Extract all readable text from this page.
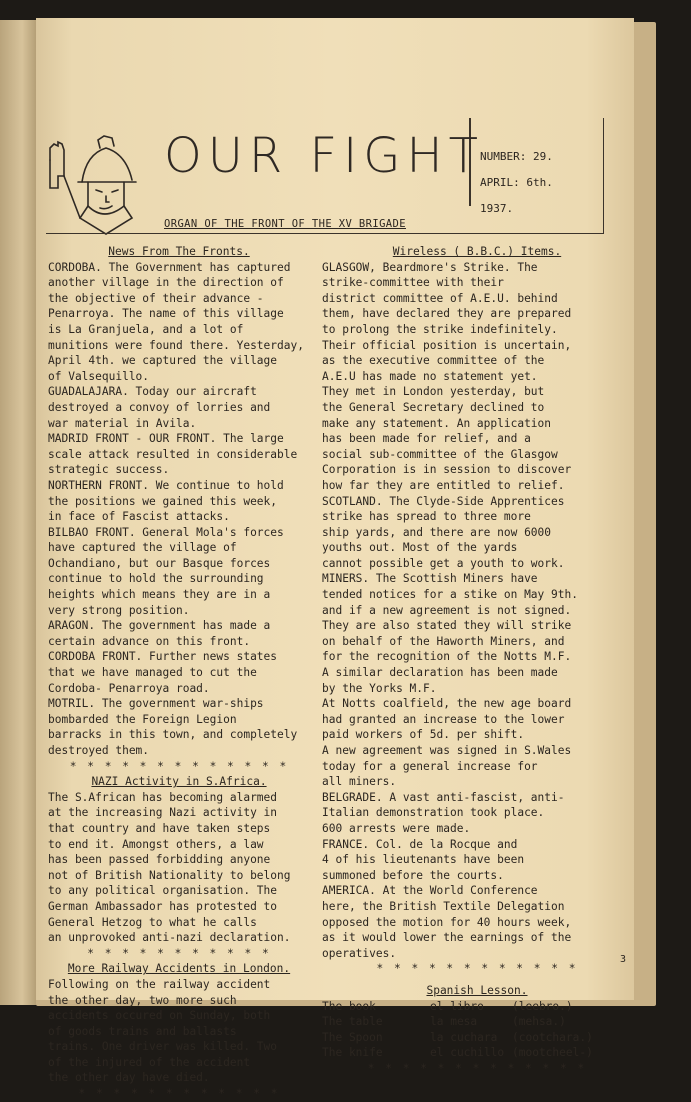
OUR FIGHT
NUMBER: 29.
APRIL: 6th.
1937.
ORGAN OF THE FRONT OF THE XV BRIGADE

News From The Fronts.

CORDOBA. The Government has captured

another village in the direction of

the objective of their advance -

Penarroya. The name of this village

is La Granjuela, and a lot of

munitions were found there. Yesterday,

April 4th. we captured the village

of Valsequillo.

GUADALAJARA. Today our aircraft

destroyed a convoy of lorries and

war material in Avila.

MADRID FRONT - OUR FRONT. The large

scale attack resulted in considerable

strategic success.

NORTHERN FRONT. We continue to hold

the positions we gained this week,

in face of Fascist attacks.

BILBAO FRONT. General Mola's forces

have captured the village of

Ochandiano, but our Basque forces

continue to hold the surrounding

heights which means they are in a

very strong position.

ARAGON. The government has made a

certain advance on this front.

CORDOBA FRONT. Further news states

that we have managed to cut the

Cordoba- Penarroya road.

MOTRIL. The government war-ships

bombarded the Foreign Legion

barracks in this town, and completely

destroyed them.

* * * * * * * * * * * * *

NAZI Activity in S.Africa.

The S.African has becoming alarmed

at the increasing Nazi activity in

that country and have taken steps

to end it. Amongst others, a law

has been passed forbidding anyone

not of British Nationality to belong

to any political organisation. The

German Ambassador has protested to

General Hetzog to what he calls

an unprovoked anti-nazi declaration.

* * * * * * * * * * *

More Railway Accidents in London.

Following on the railway accident

the other day, two more such

accidents occured on Sunday, both

of goods trains and ballasts

trains. One driver was killed. Two

of the injured of the accident

the other day have died.

* * * * * * * * * * * *

Wireless ( B.B.C.) Items.

GLASGOW, Beardmore's Strike. The

strike-committee with their

district committee of A.E.U. behind

them, have declared they are prepared

to prolong the strike indefinitely.

Their official position is uncertain,

as the executive committee of the

A.E.U has made no statement yet.

They met in London yesterday, but

the General Secretary declined to

make any statement. An application

has been made for relief, and a

social sub-committee of the Glasgow

Corporation is in session to discover

how far they are entitled to relief.

SCOTLAND. The Clyde-Side Apprentices

strike has spread to three more

ship yards, and there are now 6000

youths out. Most of the yards

cannot possible get a youth to work.

MINERS. The Scottish Miners have

tended notices for a stike on May 9th.

and if a new agreement is not signed.

They are also stated they will strike

on behalf of the Haworth Miners, and

for the recognition of the Notts M.F.

A similar declaration has been made

by the Yorks M.F.

At Notts coalfield, the new age board

had granted an increase to the lower

paid workers of 5d. per shift.

A new agreement was signed in S.Wales

today for a general increase for

all miners.

BELGRADE. A vast anti-fascist, anti-

Italian demonstration took place.

600 arrests were made.

FRANCE. Col. de la Rocque and

4 of his lieutenants have been

summoned before the courts.

AMERICA. At the World Conference

here, the British Textile Delegation

opposed the motion for 40 hours week,

as it would lower the earnings of the

operatives.

* * * * * * * * * * * *

Spanish Lesson.

The book	el libro	(leebro.)
The table	la mesa	(mehsa.)
The Spoon	la cuchara	(cootchara.)
The knife	el cuchillo (mootcheel-)

* * * * * * * * * * * * *

3
